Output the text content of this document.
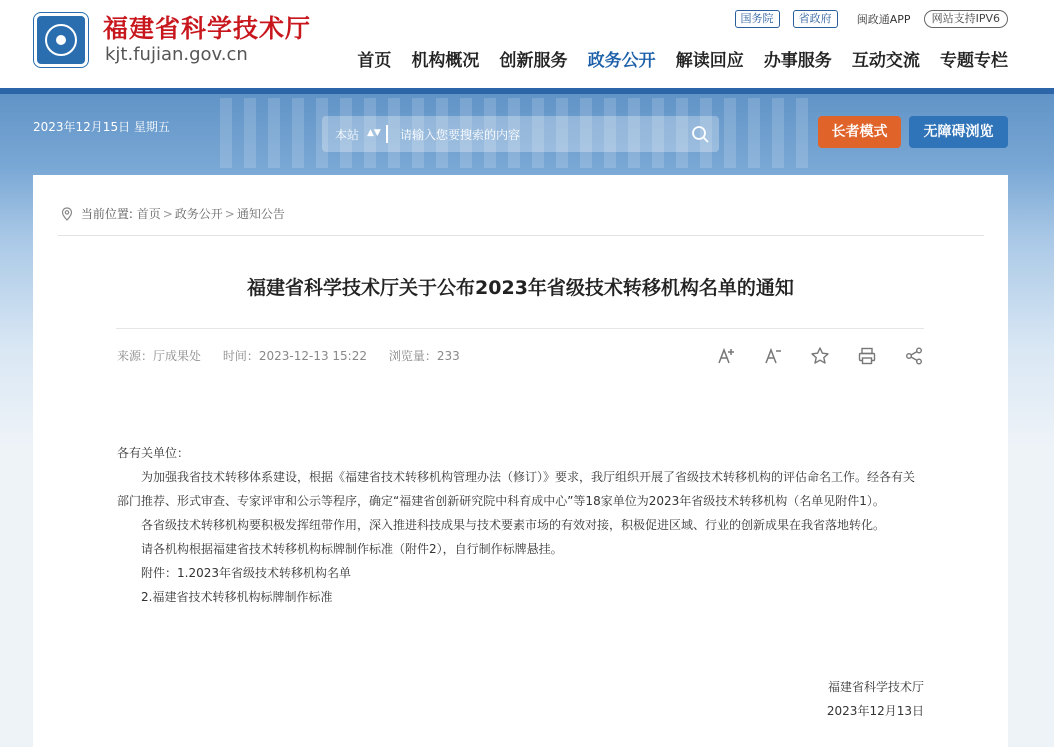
福建省科学技术厅
kjt.fujian.gov.cn
国务院 省政府 闽政通APP 网站支持IPV6
首页 机构概况 创新服务 政务公开 解读回应 办事服务 互动交流 专题专栏
2023年12月15日 星期五
本站 ▲▼ 请输入您要搜索的内容	长者模式	无障碍浏览
当前位置: 首页 > 政务公开 > 通知公告
福建省科学技术厅关于公布2023年省级技术转移机构名单的通知
来源：厅成果处 时间：2023-12-13 15:22 浏览量：233

各有关单位：

为加强我省技术转移体系建设，根据《福建省技术转移机构管理办法（修订）》要求，我厅组织开展了省级技术转移机构的评估命名工作。经各有关部门推荐、形式审查、专家评审和公示等程序，确定“福建省创新研究院中科育成中心”等18家单位为2023年省级技术转移机构（名单见附件1）。

各省级技术转移机构要积极发挥纽带作用，深入推进科技成果与技术要素市场的有效对接，积极促进区域、行业的创新成果在我省落地转化。

请各机构根据福建省技术转移机构标牌制作标准（附件2），自行制作标牌悬挂。

附件：1.2023年省级技术转移机构名单

2.福建省技术转移机构标牌制作标准

福建省科学技术厅
2023年12月13日
